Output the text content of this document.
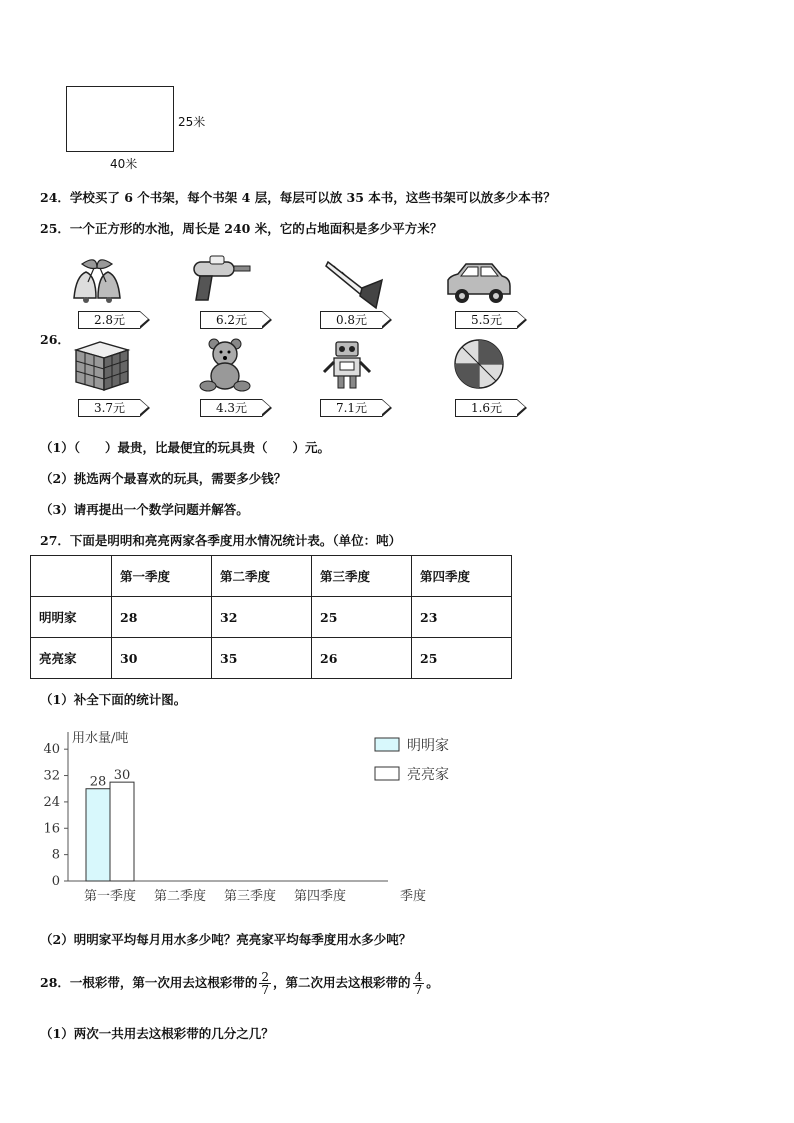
25米
40米
24．学校买了 6 个书架，每个书架 4 层，每层可以放 35 本书，这些书架可以放多少本书？
25．一个正方形的水池，周长是 240 米，它的占地面积是多少平方米？
26．
2.8元	6.2元	0.8元	5.5元
3.7元	4.3元	7.1元	1.6元
（1）（　　）最贵，比最便宜的玩具贵（　　）元。
（2）挑选两个最喜欢的玩具，需要多少钱？
（3）请再提出一个数学问题并解答。
27．下面是明明和亮亮两家各季度用水情况统计表。（单位：吨）
	第一季度	第二季度	第三季度	第四季度
明明家	28	32	25	23
亮亮家	30	35	26	25
（1）补全下面的统计图。
用水量/吨
季度
0
8
16
24
32
40
第一季度 第二季度 第三季度 第四季度
28 30
明明家
亮亮家
（2）明明家平均每月用水多少吨？亮亮家平均每季度用水多少吨？
28．一根彩带，第一次用去这根彩带的 $\frac{2}{7}$ ，第二次用去这根彩带的 $\frac{4}{7}$ 。
（1）两次一共用去这根彩带的几分之几？
